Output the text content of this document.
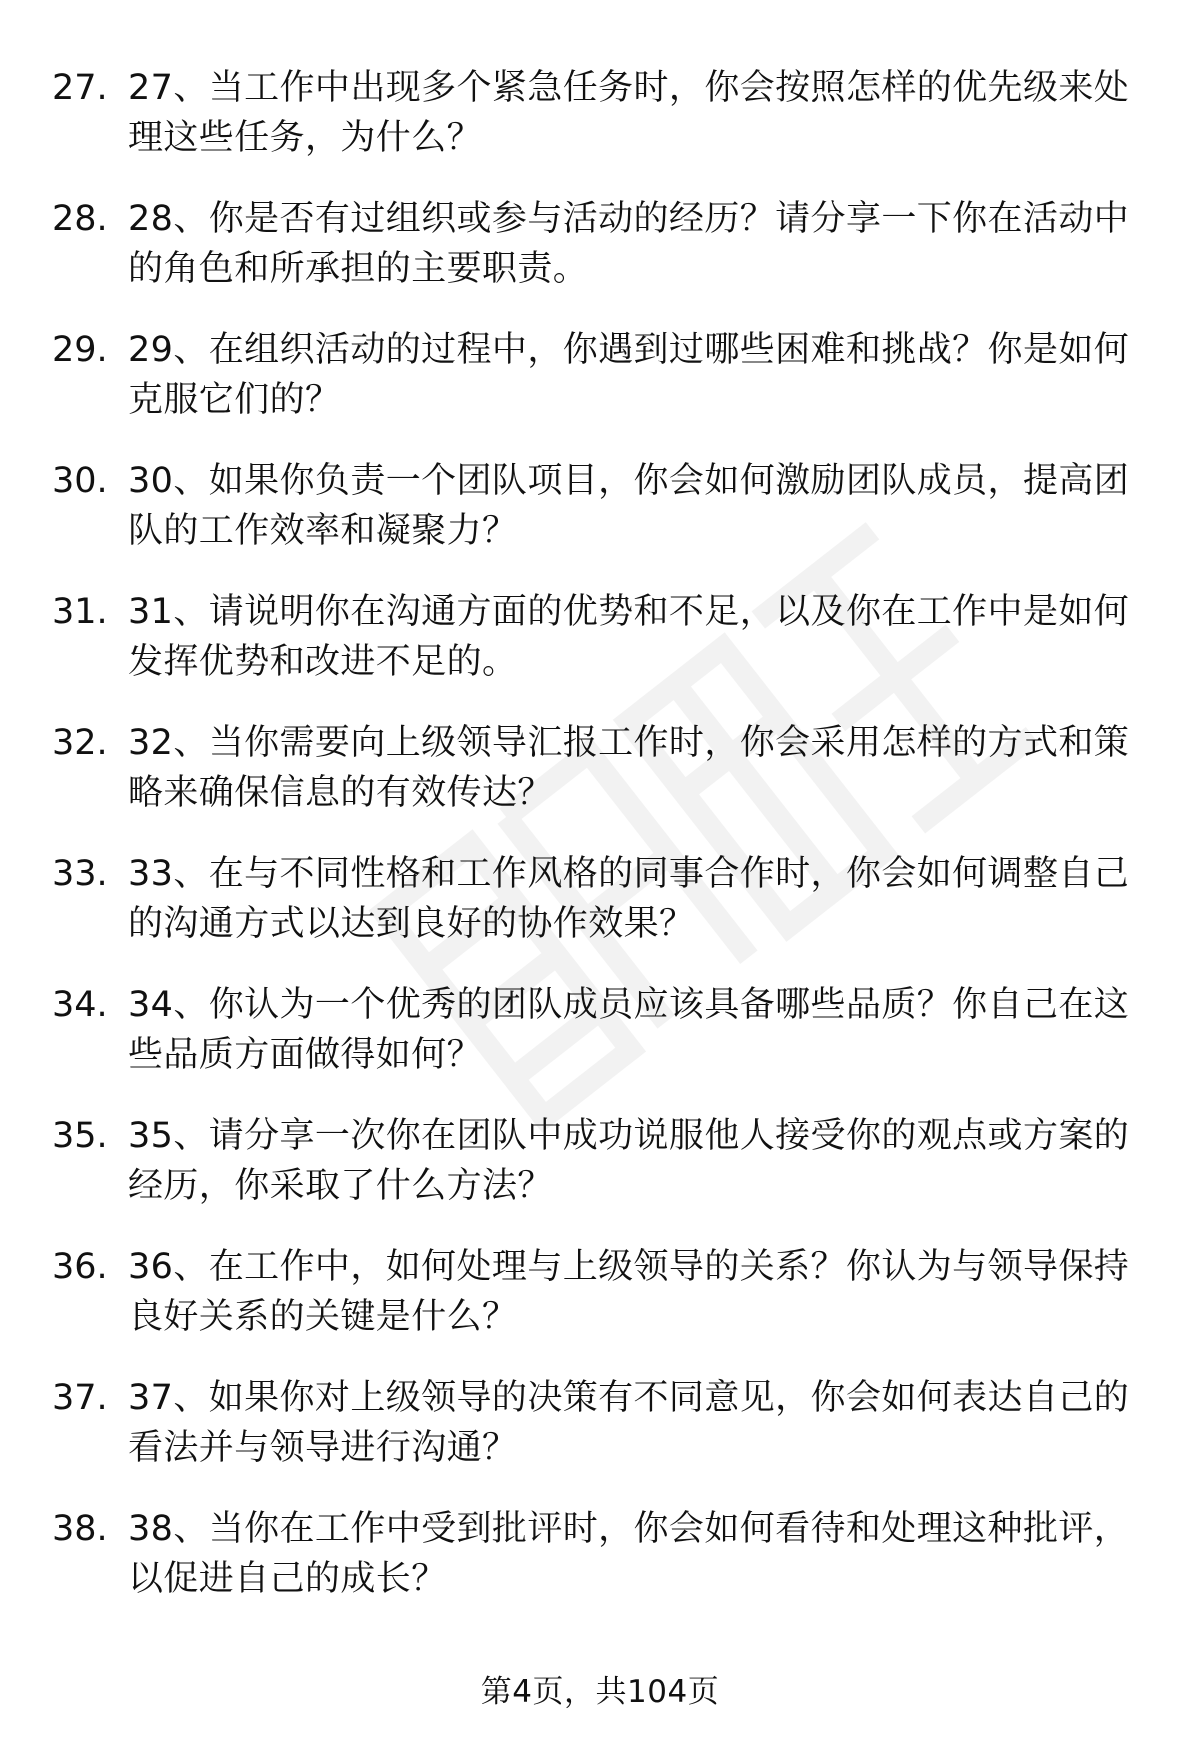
27. 27、当工作中出现多个紧急任务时，你会按照怎样的优先级来处理这些任务，为什么？
28. 28、你是否有过组织或参与活动的经历？请分享一下你在活动中的角色和所承担的主要职责。
29. 29、在组织活动的过程中，你遇到过哪些困难和挑战？你是如何克服它们的？
30. 30、如果你负责一个团队项目，你会如何激励团队成员，提高团队的工作效率和凝聚力？
31. 31、请说明你在沟通方面的优势和不足，以及你在工作中是如何发挥优势和改进不足的。
32. 32、当你需要向上级领导汇报工作时，你会采用怎样的方式和策略来确保信息的有效传达？
33. 33、在与不同性格和工作风格的同事合作时，你会如何调整自己的沟通方式以达到良好的协作效果？
34. 34、你认为一个优秀的团队成员应该具备哪些品质？你自己在这些品质方面做得如何？
35. 35、请分享一次你在团队中成功说服他人接受你的观点或方案的经历，你采取了什么方法？
36. 36、在工作中，如何处理与上级领导的关系？你认为与领导保持良好关系的关键是什么？
37. 37、如果你对上级领导的决策有不同意见，你会如何表达自己的看法并与领导进行沟通？
38. 38、当你在工作中受到批评时，你会如何看待和处理这种批评，以促进自己的成长？
第4页，共104页
